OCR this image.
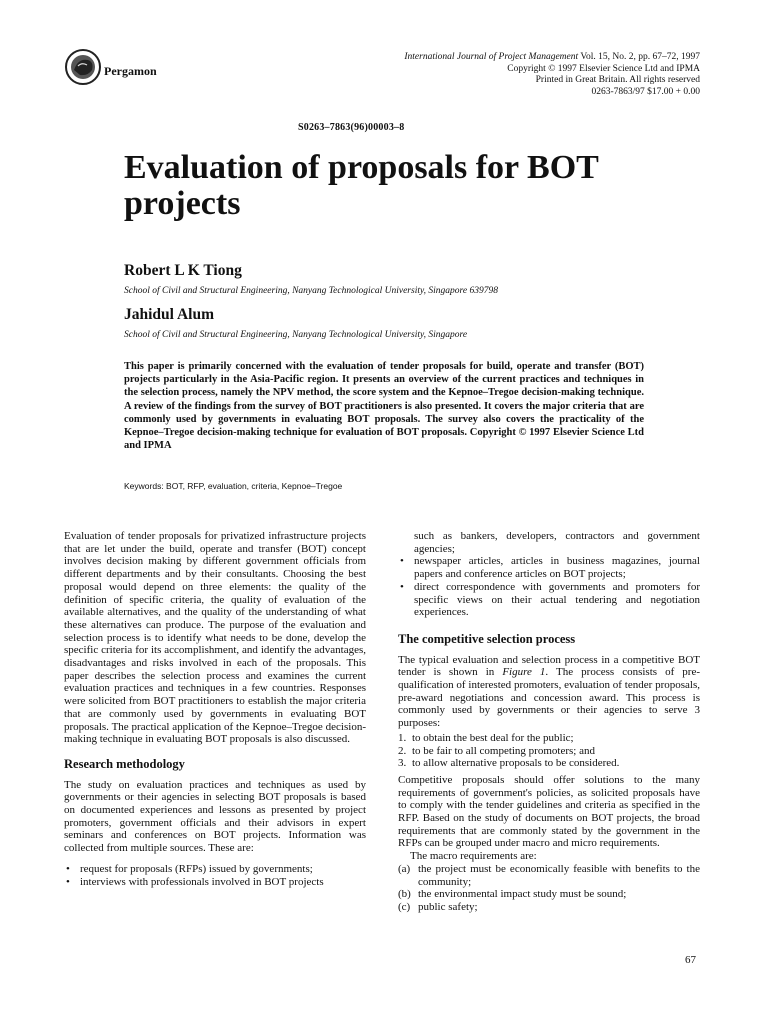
Pergamon
International Journal of Project Management Vol. 15, No. 2, pp. 67–72, 1997
Copyright © 1997 Elsevier Science Ltd and IPMA
Printed in Great Britain. All rights reserved
0263-7863/97 $17.00 + 0.00
S0263–7863(96)00003–8
Evaluation of proposals for BOT projects
Robert L K Tiong
School of Civil and Structural Engineering, Nanyang Technological University, Singapore 639798
Jahidul Alum
School of Civil and Structural Engineering, Nanyang Technological University, Singapore

This paper is primarily concerned with the evaluation of tender proposals for build, operate and transfer (BOT) projects particularly in the Asia-Pacific region. It presents an overview of the current practices and techniques in the selection process, namely the NPV method, the score system and the Kepnoe–Tregoe decision-making technique. A review of the findings from the survey of BOT practitioners is also presented. It covers the major criteria that are commonly used by governments in evaluating BOT proposals. The survey also covers the practicality of the Kepnoe–Tregoe decision-making technique for evaluation of BOT proposals. Copyright © 1997 Elsevier Science Ltd and IPMA

Keywords: BOT, RFP, evaluation, criteria, Kepnoe–Tregoe

Evaluation of tender proposals for privatized infrastructure projects that are let under the build, operate and transfer (BOT) concept involves decision making by different government officials from different departments and by their consultants. Choosing the best proposal would depend on three elements: the quality of the definition of specific criteria, the quality of evaluation of the available alternatives, and the quality of the understanding of what these alternatives can produce. The purpose of the evaluation and selection process is to identify what needs to be done, develop the specific criteria for its accomplishment, and identify the advantages, disadvantages and risks involved in each of the proposals. This paper describes the selection process and examines the current evaluation practices and techniques in a few countries. Responses were solicited from BOT practitioners to establish the major criteria that are commonly used by governments in evaluating BOT proposals. The practical application of the Kepnoe–Tregoe decision-making technique in evaluating BOT proposals is also discussed.

Research methodology

The study on evaluation practices and techniques as used by governments or their agencies in selecting BOT proposals is based on documented experiences and lessons as presented by project promoters, government officials and their advisors in expert seminars and conferences on BOT projects. Information was collected from multiple sources. These are:

• request for proposals (RFPs) issued by governments;
• interviews with professionals involved in BOT projects

such as bankers, developers, contractors and government agencies;

• newspaper articles, articles in business magazines, journal papers and conference articles on BOT projects;
• direct correspondence with governments and promoters for specific views on their actual tendering and negotiation experiences.
The competitive selection process

The typical evaluation and selection process in a competitive BOT tender is shown in Figure 1. The process consists of pre-qualification of interested promoters, evaluation of tender proposals, pre-award negotiations and concession award. This process is commonly used by governments or their agencies to serve 3 purposes:

1. to obtain the best deal for the public;
2. to be fair to all competing promoters; and
3. to allow alternative proposals to be considered.

Competitive proposals should offer solutions to the many requirements of government's policies, as solicited proposals have to comply with the tender guidelines and criteria as specified in the RFP. Based on the study of documents on BOT projects, the broad requirements that are commonly stated by the government in the RFPs can be grouped under macro and micro requirements.

The macro requirements are:

(a) the project must be economically feasible with benefits to the community;
(b) the environmental impact study must be sound;
(c) public safety;
67
